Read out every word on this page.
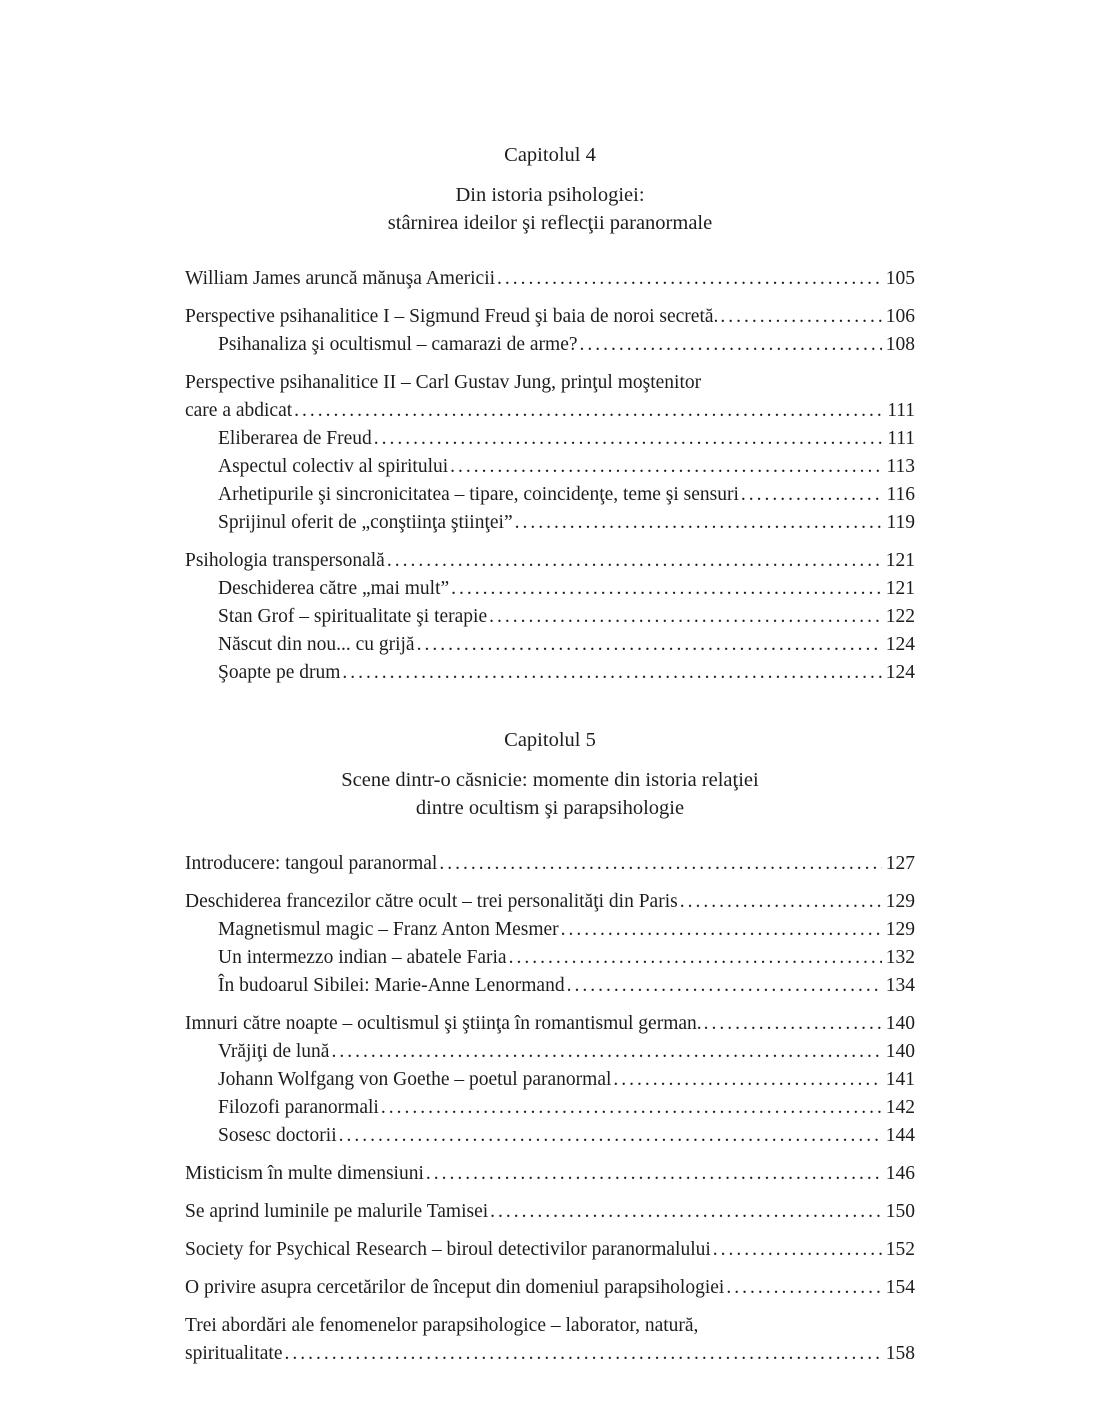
Capitolul 4
Din istoria psihologiei:
stârnirea ideilor şi reflecţii paranormale
William James aruncă mănuşa Americii .....	105
Perspective psihanalitice I – Sigmund Freud şi baia de noroi secretă. .....	106
Psihanaliza şi ocultismul – camarazi de arme? .....	108
Perspective psihanalitice II – Carl Gustav Jung, prinţul moştenitor
care a abdicat .....	111
Eliberarea de Freud .....	111
Aspectul colectiv al spiritului .....	113
Arhetipurile şi sincronicitatea – tipare, coincidenţe, teme şi sensuri .....	116
Sprijinul oferit de „conştiinţa ştiinţei” .....	119
Psihologia transpersonală .....	121
Deschiderea către „mai mult” .....	121
Stan Grof – spiritualitate şi terapie .....	122
Născut din nou... cu grijă .....	124
Şoapte pe drum .....	124
Capitolul 5
Scene dintr-o căsnicie: momente din istoria relaţiei
dintre ocultism şi parapsihologie
Introducere: tangoul paranormal .....	127
Deschiderea francezilor către ocult – trei personalităţi din Paris .....	129
Magnetismul magic – Franz Anton Mesmer .....	129
Un intermezzo indian – abatele Faria .....	132
În budoarul Sibilei: Marie-Anne Lenormand .....	134
Imnuri către noapte – ocultismul şi ştiinţa în romantismul german. .....	140
Vrăjiţi de lună .....	140
Johann Wolfgang von Goethe – poetul paranormal .....	141
Filozofi paranormali .....	142
Sosesc doctorii .....	144
Misticism în multe dimensiuni .....	146
Se aprind luminile pe malurile Tamisei .....	150
Society for Psychical Research – biroul detectivilor paranormalului .....	152
O privire asupra cercetărilor de început din domeniul parapsihologiei .....	154
Trei abordări ale fenomenelor parapsihologice – laborator, natură,
spiritualitate .....	158
